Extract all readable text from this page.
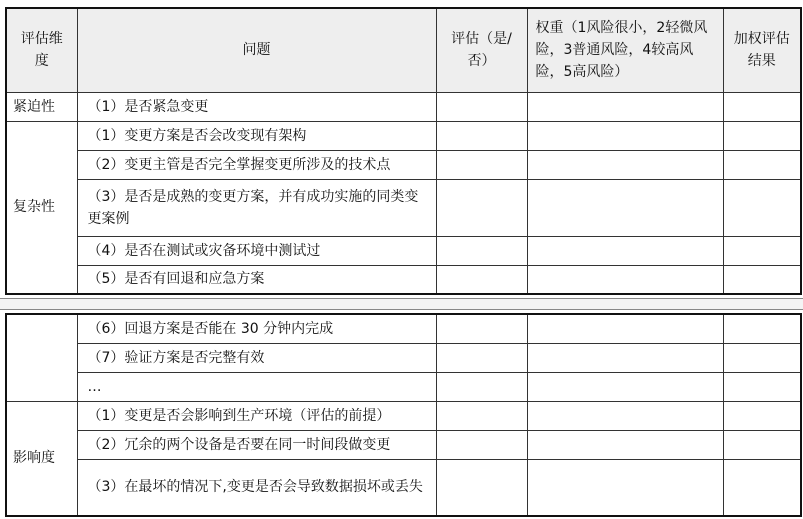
评估维度	问题	评估（是/否）	权重（1风险很小，2轻微风险，3普通风险，4较高风险，5高风险）	加权评估结果
紧迫性	（1）是否紧急变更			
复杂性	（1）变更方案是否会改变现有架构			
	（2）变更主管是否完全掌握变更所涉及的技术点			
	（3）是否是成熟的变更方案，并有成功实施的同类变更案例			
	（4）是否在测试或灾备环境中测试过			
	（5）是否有回退和应急方案			
	（6）回退方案是否能在 30 分钟内完成			
	（7）验证方案是否完整有效			
	…			
影响度	（1）变更是否会影响到生产环境（评估的前提）			
	（2）冗余的两个设备是否要在同一时间段做变更			
	（3）在最坏的情况下,变更是否会导致数据损坏或丢失			
